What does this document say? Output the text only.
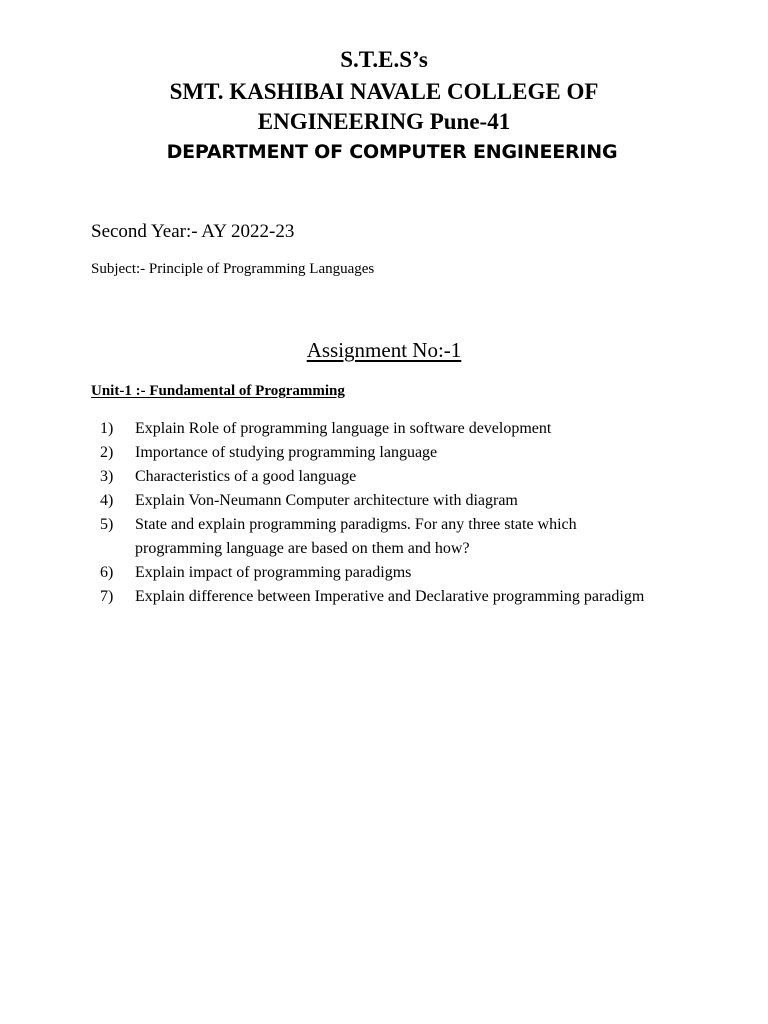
S.T.E.S’s
SMT. KASHIBAI NAVALE COLLEGE OF
ENGINEERING Pune-41
DEPARTMENT OF COMPUTER ENGINEERING
Second Year:- AY 2022-23
Subject:- Principle of Programming Languages
Assignment No:-1
Unit-1 :- Fundamental of Programming
1) Explain Role of programming language in software development
2) Importance of studying programming language
3) Characteristics of a good language
4) Explain Von-Neumann Computer architecture with diagram
5) State and explain programming paradigms. For any three state which programming language are based on them and how?
6) Explain impact of programming paradigms
7) Explain difference between Imperative and Declarative programming paradigm
